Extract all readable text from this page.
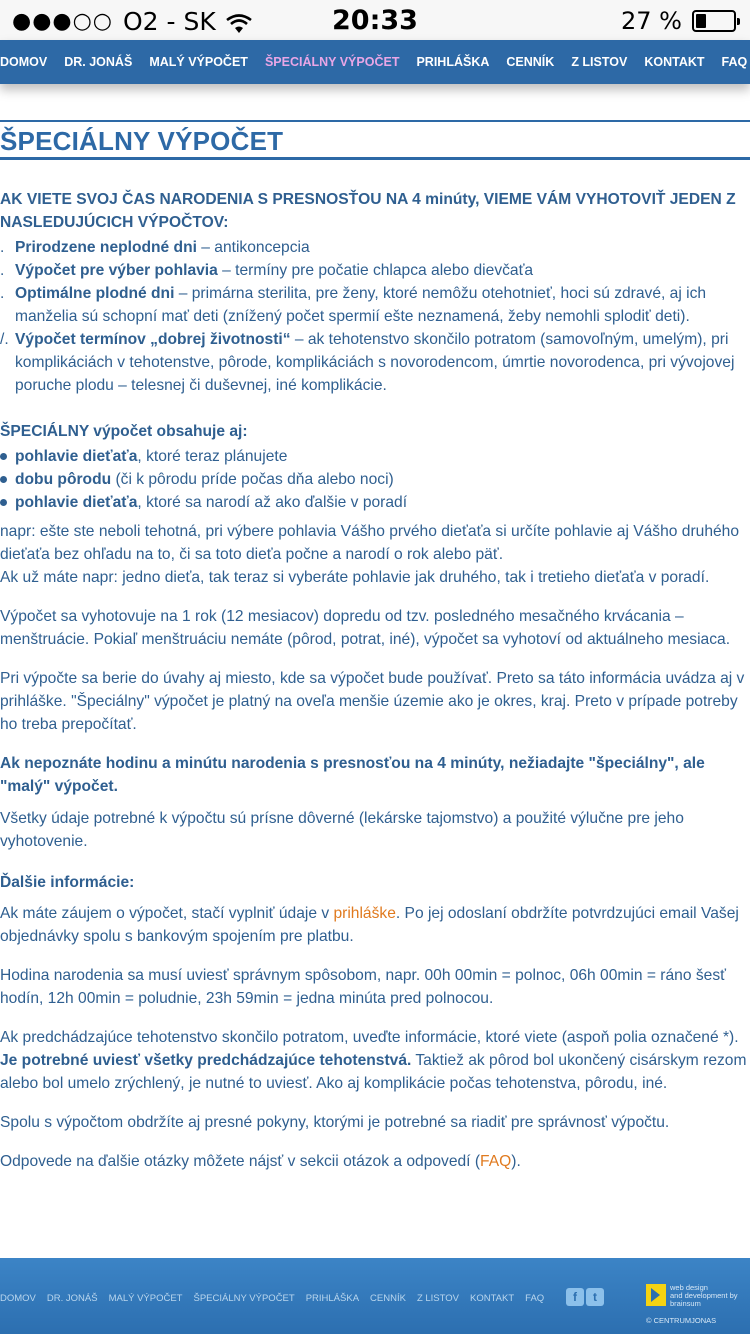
●●●○○ O2 - SK	20:33	27 %
DOMOV DR. JONÁŠ MALÝ VÝPOČET ŠPECIÁLNY VÝPOČET PRIHLÁŠKA CENNÍK Z LISTOV KONTAKT FAQ
ŠPECIÁLNY VÝPOČET

AK VIETE SVOJ ČAS NARODENIA S PRESNOSŤOU NA 4 minúty, VIEME VÁM VYHOTOVIŤ JEDEN Z NASLEDUJÚCICH VÝPOČTOV:

. Prirodzene neplodné dni – antikoncepcia
. Výpočet pre výber pohlavia – termíny pre počatie chlapca alebo dievčaťa
. Optimálne plodné dni – primárna sterilita, pre ženy, ktoré nemôžu otehotnieť, hoci sú zdravé, aj ich manželia sú schopní mať deti (znížený počet spermií ešte neznamená, žeby nemohli splodiť deti).
/. Výpočet termínov „dobrej životnosti“ – ak tehotenstvo skončilo potratom (samovoľným, umelým), pri komplikáciách v tehotenstve, pôrode, komplikáciách s novorodencom, úmrtie novorodenca, pri vývojovej poruche plodu – telesnej či duševnej, iné komplikácie.

ŠPECIÁLNY výpočet obsahuje aj:

pohlavie dieťaťa, ktoré teraz plánujete
dobu pôrodu (či k pôrodu príde počas dňa alebo noci)
pohlavie dieťaťa, ktoré sa narodí až ako ďalšie v poradí

napr: ešte ste neboli tehotná, pri výbere pohlavia Vášho prvého dieťaťa si určíte pohlavie aj Vášho druhého dieťaťa bez ohľadu na to, či sa toto dieťa počne a narodí o rok alebo päť.

Ak už máte napr: jedno dieťa, tak teraz si vyberáte pohlavie jak druhého, tak i tretieho dieťaťa v poradí.

Výpočet sa vyhotovuje na 1 rok (12 mesiacov) dopredu od tzv. posledného mesačného krvácania – menštruácie. Pokiaľ menštruáciu nemáte (pôrod, potrat, iné), výpočet sa vyhotoví od aktuálneho mesiaca.

Pri výpočte sa berie do úvahy aj miesto, kde sa výpočet bude používať. Preto sa táto informácia uvádza aj v prihláške. "Špeciálny" výpočet je platný na oveľa menšie územie ako je okres, kraj. Preto v prípade potreby ho treba prepočítať.

Ak nepoznáte hodinu a minútu narodenia s presnosťou na 4 minúty, nežiadajte "špeciálny", ale "malý" výpočet.

Všetky údaje potrebné k výpočtu sú prísne dôverné (lekárske tajomstvo) a použité výlučne pre jeho vyhotovenie.

Ďalšie informácie:

Ak máte záujem o výpočet, stačí vyplniť údaje v prihláške. Po jej odoslaní obdržíte potvrdzujúci email Vašej objednávky spolu s bankovým spojením pre platbu.

Hodina narodenia sa musí uviesť správnym spôsobom, napr. 00h 00min = polnoc, 06h 00min = ráno šesť hodín, 12h 00min = poludnie, 23h 59min = jedna minúta pred polnocou.

Ak predchádzajúce tehotenstvo skončilo potratom, uveďte informácie, ktoré viete (aspoň polia označené *). Je potrebné uviesť všetky predchádzajúce tehotenstvá. Taktiež ak pôrod bol ukončený cisárskym rezom alebo bol umelo zrýchlený, je nutné to uviesť. Ako aj komplikácie počas tehotenstva, pôrodu, iné.

Spolu s výpočtom obdržíte aj presné pokyny, ktorými je potrebné sa riadiť pre správnosť výpočtu.

Odpovede na ďalšie otázky môžete nájsť v sekcii otázok a odpovedí (FAQ).

DOMOV DR. JONÁŠ MALÝ VÝPOČET ŠPECIÁLNY VÝPOČET PRIHLÁŠKA CENNÍK Z LISTOV KONTAKT FAQ	f	t
web design
and development by
brainsum
© CENTRUMJONAS
